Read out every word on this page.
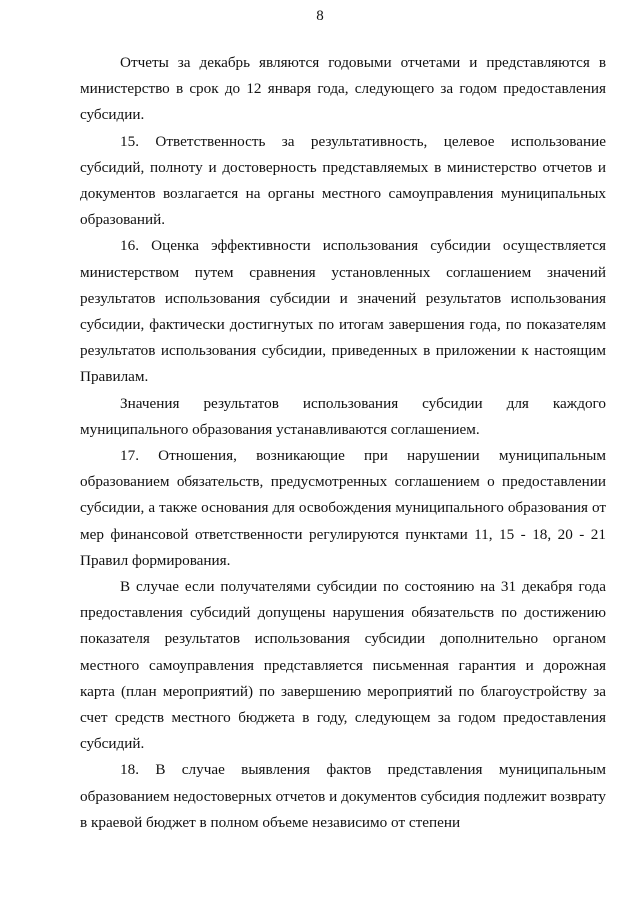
8

Отчеты за декабрь являются годовыми отчетами и представляются в министерство в срок до 12 января года, следующего за годом предоставления субсидии.

15. Ответственность за результативность, целевое использование субсидий, полноту и достоверность представляемых в министерство отчетов и документов возлагается на органы местного самоуправления муниципальных образований.

16. Оценка эффективности использования субсидии осуществляется министерством путем сравнения установленных соглашением значений результатов использования субсидии и значений результатов использования субсидии, фактически достигнутых по итогам завершения года, по показателям результатов использования субсидии, приведенных в приложении к настоящим Правилам.

Значения результатов использования субсидии для каждого муниципального образования устанавливаются соглашением.

17. Отношения, возникающие при нарушении муниципальным образованием обязательств, предусмотренных соглашением о предоставлении субсидии, а также основания для освобождения муниципального образования от мер финансовой ответственности регулируются пунктами 11, 15 - 18, 20 - 21 Правил формирования.

В случае если получателями субсидии по состоянию на 31 декабря года предоставления субсидий допущены нарушения обязательств по достижению показателя результатов использования субсидии дополнительно органом местного самоуправления представляется письменная гарантия и дорожная карта (план мероприятий) по завершению мероприятий по благоустройству за счет средств местного бюджета в году, следующем за годом предоставления субсидий.

18. В случае выявления фактов представления муниципальным образованием недостоверных отчетов и документов субсидия подлежит возврату в краевой бюджет в полном объеме независимо от степени
